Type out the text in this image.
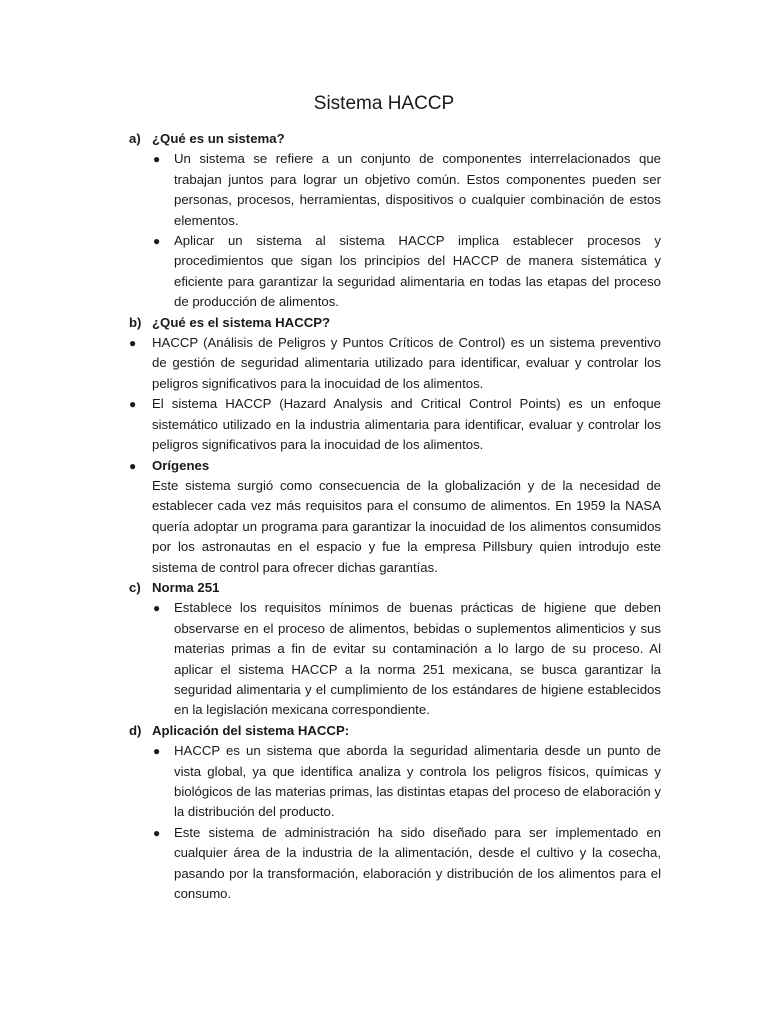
Sistema HACCP
a) ¿Qué es un sistema?
● Un sistema se refiere a un conjunto de componentes interrelacionados que trabajan juntos para lograr un objetivo común. Estos componentes pueden ser personas, procesos, herramientas, dispositivos o cualquier combinación de estos elementos.
● Aplicar un sistema al sistema HACCP implica establecer procesos y procedimientos que sigan los principios del HACCP de manera sistemática y eficiente para garantizar la seguridad alimentaria en todas las etapas del proceso de producción de alimentos.
b) ¿Qué es el sistema HACCP?
● HACCP (Análisis de Peligros y Puntos Críticos de Control) es un sistema preventivo de gestión de seguridad alimentaria utilizado para identificar, evaluar y controlar los peligros significativos para la inocuidad de los alimentos.
● El sistema HACCP (Hazard Analysis and Critical Control Points) es un enfoque sistemático utilizado en la industria alimentaria para identificar, evaluar y controlar los peligros significativos para la inocuidad de los alimentos.
● Orígenes
Este sistema surgió como consecuencia de la globalización y de la necesidad de establecer cada vez más requisitos para el consumo de alimentos. En 1959 la NASA quería adoptar un programa para garantizar la inocuidad de los alimentos consumidos por los astronautas en el espacio y fue la empresa Pillsbury quien introdujo este sistema de control para ofrecer dichas garantías.
c) Norma 251
● Establece los requisitos mínimos de buenas prácticas de higiene que deben observarse en el proceso de alimentos, bebidas o suplementos alimenticios y sus materias primas a fin de evitar su contaminación a lo largo de su proceso. Al aplicar el sistema HACCP a la norma 251 mexicana, se busca garantizar la seguridad alimentaria y el cumplimiento de los estándares de higiene establecidos en la legislación mexicana correspondiente.
d) Aplicación del sistema HACCP:
● HACCP es un sistema que aborda la seguridad alimentaria desde un punto de vista global, ya que identifica analiza y controla los peligros físicos, químicas y biológicos de las materias primas, las distintas etapas del proceso de elaboración y la distribución del producto.
● Este sistema de administración ha sido diseñado para ser implementado en cualquier área de la industria de la alimentación, desde el cultivo y la cosecha, pasando por la transformación, elaboración y distribución de los alimentos para el consumo.
